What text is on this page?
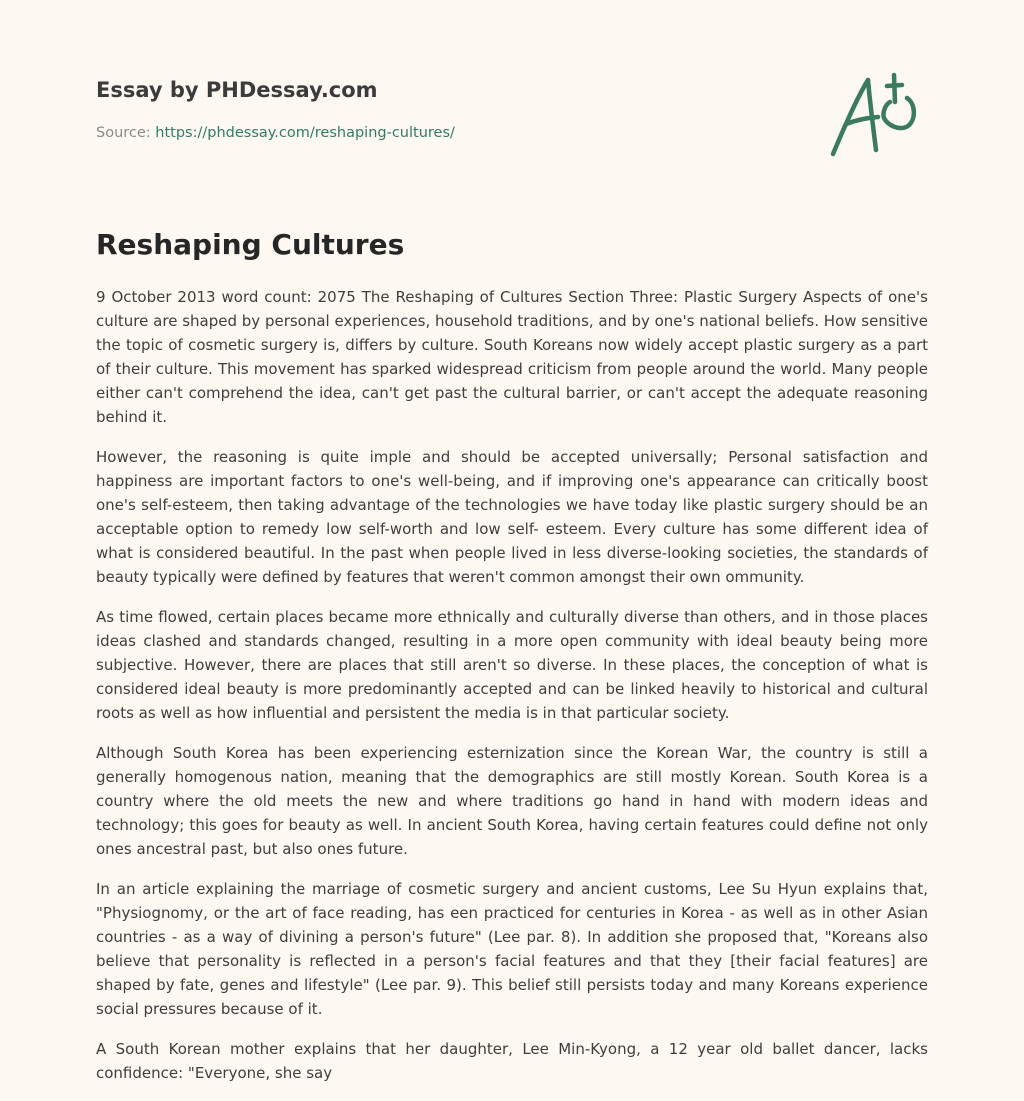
Essay by PHDessay.com
Source: https://phdessay.com/reshaping-cultures/
Reshaping Cultures

9 October 2013 word count: 2075 The Reshaping of Cultures Section Three: Plastic Surgery Aspects of one's culture are shaped by personal experiences, household traditions, and by one's national beliefs. How sensitive the topic of cosmetic surgery is, differs by culture. South Koreans now widely accept plastic surgery as a part of their culture. This movement has sparked widespread criticism from people around the world. Many people either can't comprehend the idea, can't get past the cultural barrier, or can't accept the adequate reasoning behind it.

However, the reasoning is quite imple and should be accepted universally; Personal satisfaction and happiness are important factors to one's well-being, and if improving one's appearance can critically boost one's self-esteem, then taking advantage of the technologies we have today like plastic surgery should be an acceptable option to remedy low self-worth and low self- esteem. Every culture has some different idea of what is considered beautiful. In the past when people lived in less diverse-looking societies, the standards of beauty typically were defined by features that weren't common amongst their own ommunity.

As time flowed, certain places became more ethnically and culturally diverse than others, and in those places ideas clashed and standards changed, resulting in a more open community with ideal beauty being more subjective. However, there are places that still aren't so diverse. In these places, the conception of what is considered ideal beauty is more predominantly accepted and can be linked heavily to historical and cultural roots as well as how influential and persistent the media is in that particular society.

Although South Korea has been experiencing esternization since the Korean War, the country is still a generally homogenous nation, meaning that the demographics are still mostly Korean. South Korea is a country where the old meets the new and where traditions go hand in hand with modern ideas and technology; this goes for beauty as well. In ancient South Korea, having certain features could define not only ones ancestral past, but also ones future.

In an article explaining the marriage of cosmetic surgery and ancient customs, Lee Su Hyun explains that, "Physiognomy, or the art of face reading, has een practiced for centuries in Korea - as well as in other Asian countries - as a way of divining a person's future" (Lee par. 8). In addition she proposed that, "Koreans also believe that personality is reflected in a person's facial features and that they [their facial features] are shaped by fate, genes and lifestyle" (Lee par. 9). This belief still persists today and many Koreans experience social pressures because of it.

A South Korean mother explains that her daughter, Lee Min-Kyong, a 12 year old ballet dancer, lacks confidence: "Everyone, she say
